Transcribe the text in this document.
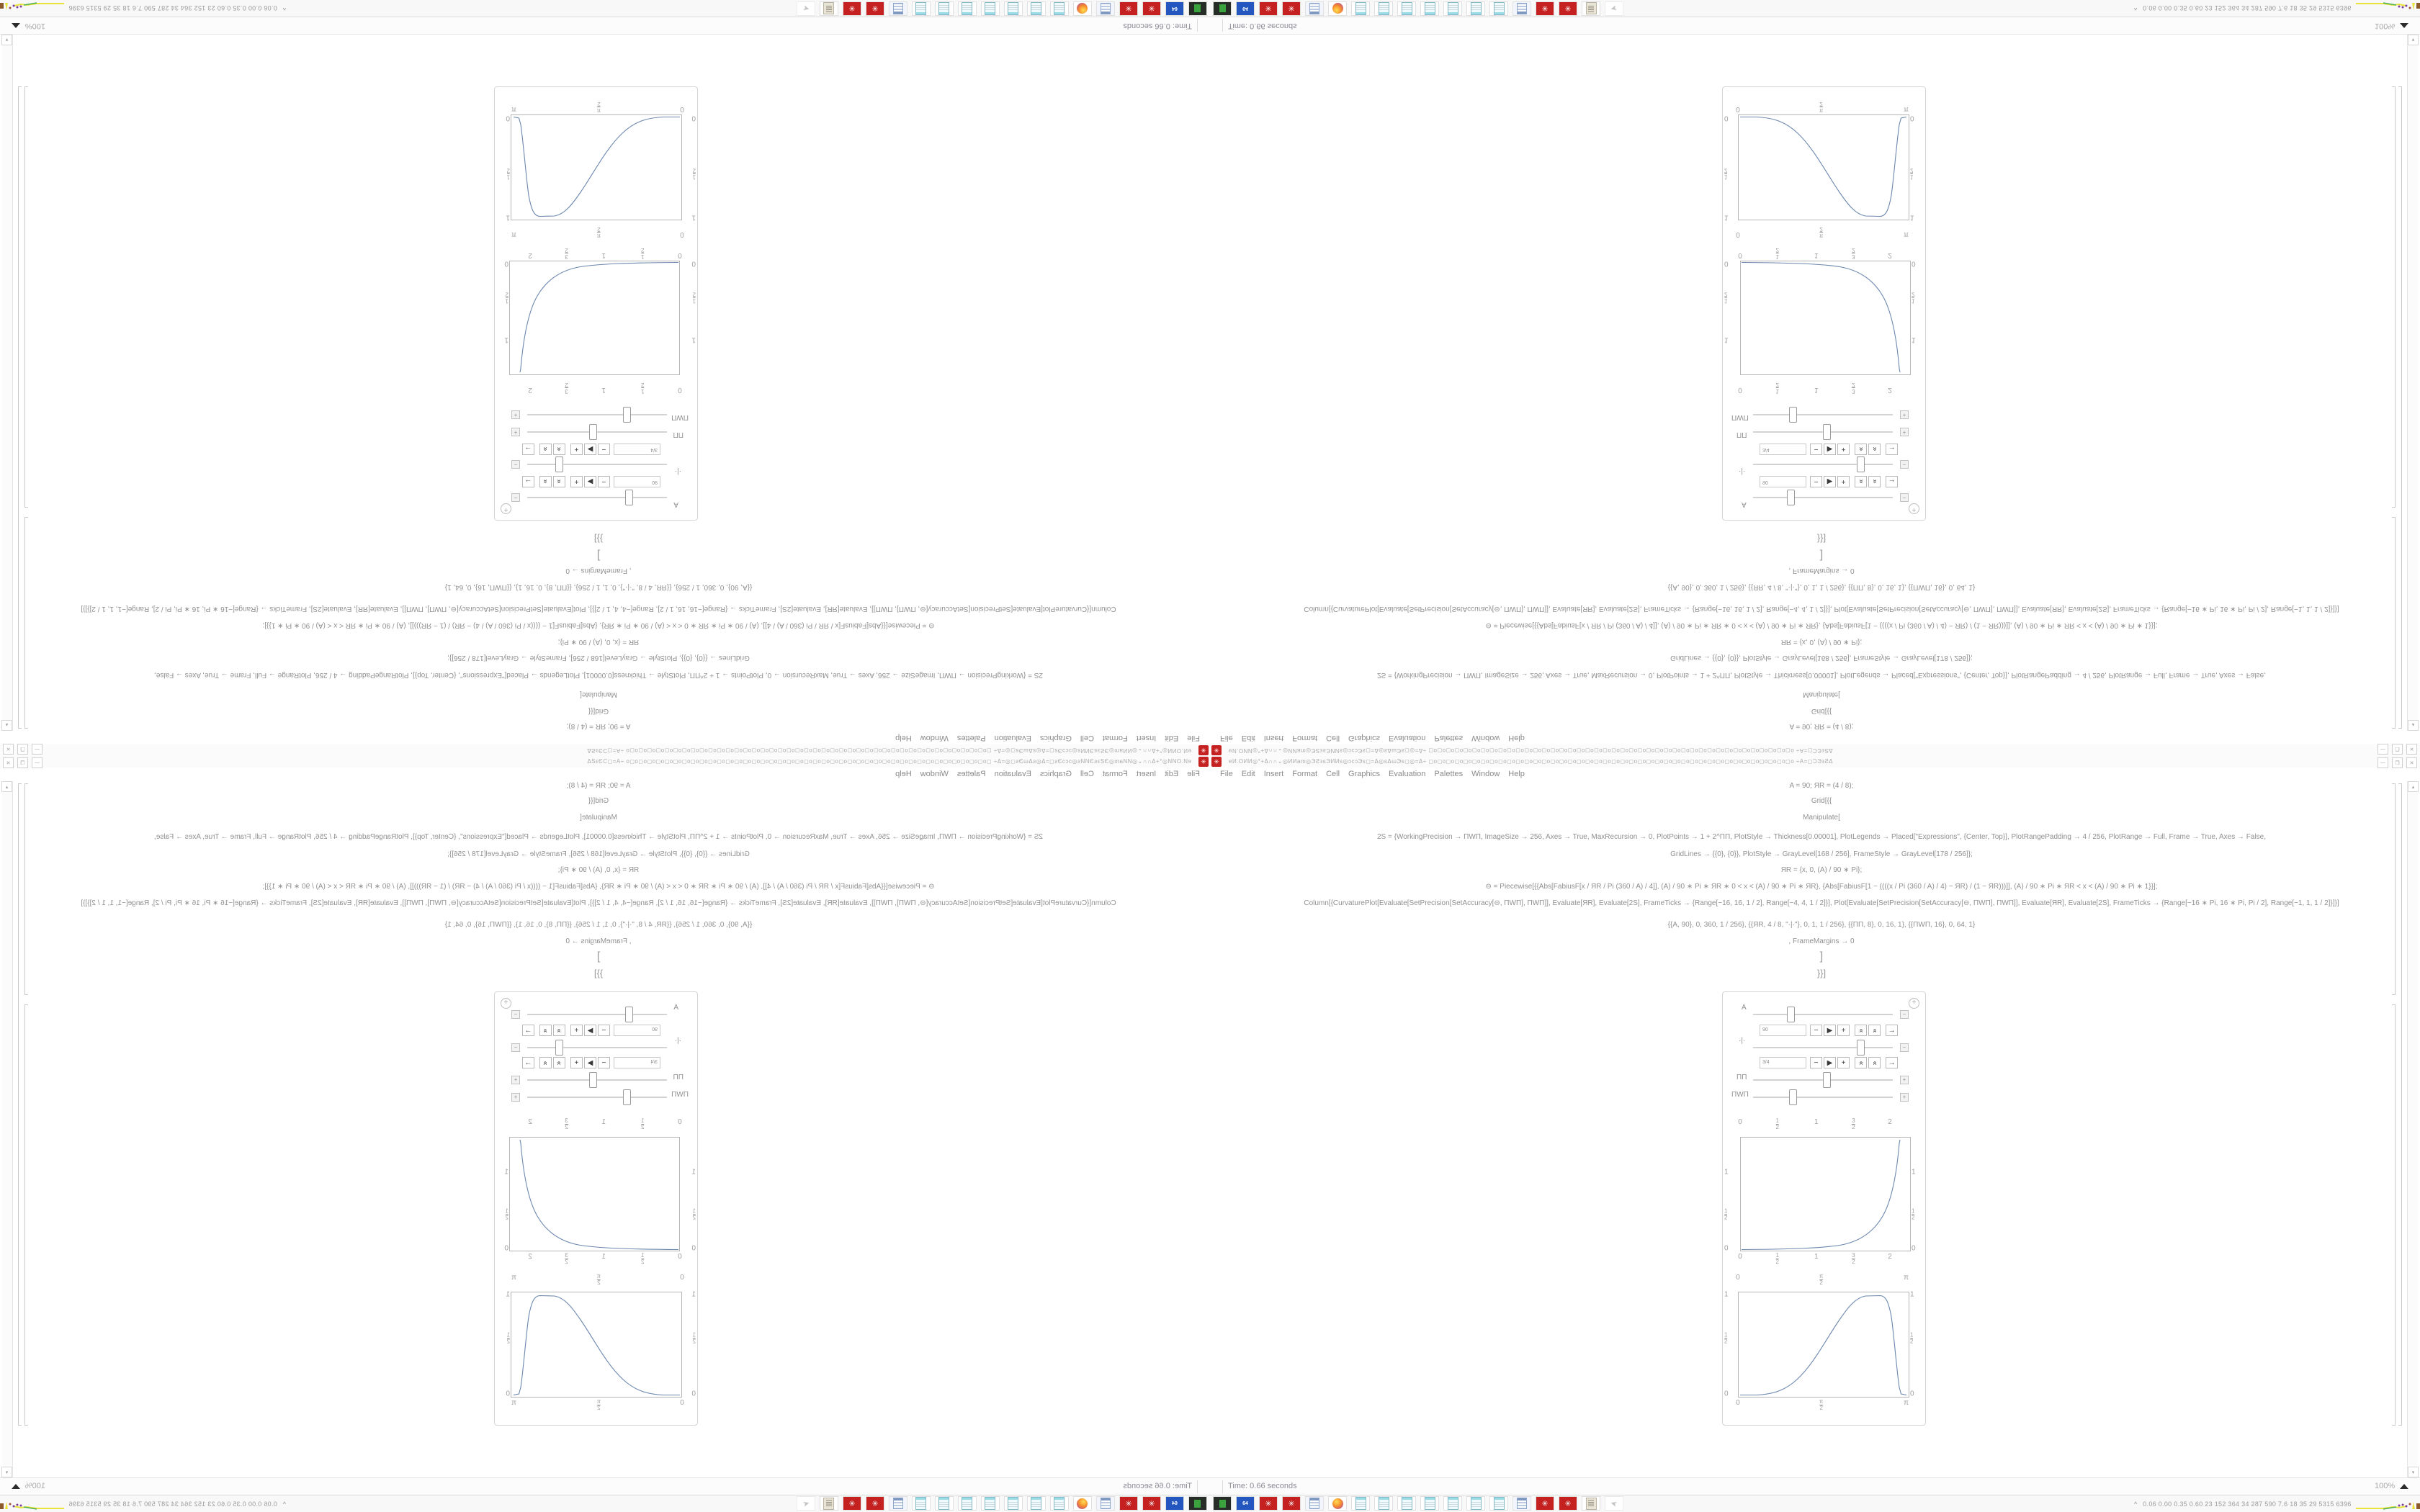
✳	ɐИ.ОИИ◎°+Δ∩∩⌄◎ИИam◎ЭƧ϶sЭИИs◎ↄcↄЭs◻=Δ◎sΔɯЭs◻◎=Δ÷ ◻o◻o◻o◻o◻o◻o◻o◻o◻o◻o◻o◻o◻o◻o◻o◻o◻o◻o◻o◻o◻o◻o◻o◻o◻o◻o◻o◻o◻o◻o◻o◻o◻o◻o◻o◻o◻o◻o◻o◻o◻o◻o ÷A=◻ϽЭ϶ƧΔ	—	❐	✕
File	Edit	Insert	Format	Cell	Graphics	Evaluation	Palettes	Window	Help
A = 90; ЯR = (4 / 8);
Grid[{{
Manipulate[
2S = {WorkingPrecision → ΠWΠ, ImageSize → 256, Axes → True, MaxRecursion → 0, PlotPoints → 1 + 2^ΠΠ, PlotStyle → Thickness[0.00001], PlotLegends → Placed["Expressions", {Center, Top}], PlotRangePadding → 4 / 256, PlotRange → Full, Frame → True, Axes → False,
GridLines → {{0}, {0}}, PlotStyle → GrayLevel[168 / 256], FrameStyle → GrayLevel[178 / 256]};
ЯR = {x, 0, (A) / 90 ∗ Pi};
⊖ = Piecewise[{{Abs[FabiusF[x / ЯR / Pi (360 / A) / 4]], (A) / 90 ∗ Pi ∗ ЯR ∗ 0 < x < (A) / 90 ∗ Pi ∗ ЯR}, {Abs[FabiusF[1 − ((((x / Pi (360 / A) / 4) − ЯR) / (1 − ЯR)))]], (A) / 90 ∗ Pi ∗ ЯR < x < (A) / 90 ∗ Pi ∗ 1}}];
Column[{CurvaturePlot[Evaluate[SetPrecision[SetAccuracy[⊖, ΠWΠ], ΠWΠ]], Evaluate[ЯR], Evaluate[2S], FrameTicks → {Range[−16, 16, 1 / 2], Range[−4, 4, 1 / 2]}], Plot[Evaluate[SetPrecision[SetAccuracy[⊖, ΠWΠ], ΠWΠ]], Evaluate[ЯR], Evaluate[2S], FrameTicks → {Range[−16 ∗ Pi, 16 ∗ Pi, Pi / 2], Range[−1, 1, 1 / 2]}]}]
{{A, 90}, 0, 360, 1 / 256}, {{ЯR, 4 / 8, "·|·"}, 0, 1, 1 / 256}, {{ΠΠ, 8}, 0, 16, 1}, {{ΠWΠ, 16}, 0, 64, 1}
, FrameMargins → 0
]
}}]
▴
▾
+
A
−
90	−	▶	+	« »	→
·|·
−
3/4	−	▶	+	« »	→
ΠΠ	+
ΠWΠ	+
0	$\frac{1}{2}$	1	$\frac{3}{2}$	2
1
$\frac{1}{2}$
0
1
$\frac{1}{2}$
0
0	$\frac{1}{2}$	1	$\frac{3}{2}$	2
0	$\frac{\pi}{2}$	π
1
$\frac{1}{2}$
0
1
$\frac{1}{2}$
0
0	$\frac{\pi}{2}$	π
Time: 0.66 seconds	100%
64 ✳ ✳ ✳ ✳ ≣ ➤	^ 0.06 0.00 0.35 0.60 23 152 364 34 287 590 7.6 18 35 29 5315 6396
✳
ɐИ.ОИИ◎°+Δ∩∩⌄◎ИИam◎ЭƧ϶sЭИИs◎ↄcↄЭs◻=Δ◎sΔɯЭs◻◎=Δ÷ ◻o◻o◻o◻o◻o◻o◻o◻o◻o◻o◻o◻o◻o◻o◻o◻o◻o◻o◻o◻o◻o◻o◻o◻o◻o◻o◻o◻o◻o◻o◻o◻o◻o◻o◻o◻o◻o◻o◻o◻o◻o◻o ÷A=◻ϽЭ϶ƧΔ
—
❐
✕
File
Edit
Insert
Format
Cell
Graphics
Evaluation
Palettes
Window
Help
A = 90; ЯR = (4 / 8);
Grid[{{
Manipulate[
2S = {WorkingPrecision → ΠWΠ, ImageSize → 256, Axes → True, MaxRecursion → 0, PlotPoints → 1 + 2^ΠΠ, PlotStyle → Thickness[0.00001], PlotLegends → Placed["Expressions", {Center, Top}], PlotRangePadding → 4 / 256, PlotRange → Full, Frame → True, Axes → False,
GridLines → {{0}, {0}}, PlotStyle → GrayLevel[168 / 256], FrameStyle → GrayLevel[178 / 256]};
ЯR = {x, 0, (A) / 90 ∗ Pi};
⊖ = Piecewise[{{Abs[FabiusF[x / ЯR / Pi (360 / A) / 4]], (A) / 90 ∗ Pi ∗ ЯR ∗ 0 < x < (A) / 90 ∗ Pi ∗ ЯR}, {Abs[FabiusF[1 − ((((x / Pi (360 / A) / 4) − ЯR) / (1 − ЯR)))]], (A) / 90 ∗ Pi ∗ ЯR < x < (A) / 90 ∗ Pi ∗ 1}}];
Column[{CurvaturePlot[Evaluate[SetPrecision[SetAccuracy[⊖, ΠWΠ], ΠWΠ]], Evaluate[ЯR], Evaluate[2S], FrameTicks → {Range[−16, 16, 1 / 2], Range[−4, 4, 1 / 2]}], Plot[Evaluate[SetPrecision[SetAccuracy[⊖, ΠWΠ], ΠWΠ]], Evaluate[ЯR], Evaluate[2S], FrameTicks → {Range[−16 ∗ Pi, 16 ∗ Pi, Pi / 2], Range[−1, 1, 1 / 2]}]}]
{{A, 90}, 0, 360, 1 / 256}, {{ЯR, 4 / 8, "·|·"}, 0, 1, 1 / 256}, {{ΠΠ, 8}, 0, 16, 1}, {{ΠWΠ, 16}, 0, 64, 1}
, FrameMargins → 0
]
}}]
▴
▾
+
A
−
90
−
▶
+
«
»
→
·|·
−
3/4
−
▶
+
«
»
→
ΠΠ
+
ΠWΠ
+
0
$\frac{1}{2}$
1
$\frac{3}{2}$
2
1
$\frac{1}{2}$
0
1
$\frac{1}{2}$
0
0
$\frac{1}{2}$
1
$\frac{3}{2}$
2
0
$\frac{\pi}{2}$
π
1
$\frac{1}{2}$
0
1
$\frac{1}{2}$
0
0
$\frac{\pi}{2}$
π
Time: 0.66 seconds
100%
64
✳
✳
✳
✳
≣
➤
^
0.06 0.00 0.35 0.60 23 152 364 34 287 590 7.6 18 35 29 5315 6396
✳	ɐИ.ОИИ◎°+Δ∩∩⌄◎ИИam◎ЭƧ϶sЭИИs◎ↄcↄЭs◻=Δ◎sΔɯЭs◻◎=Δ÷ ◻o◻o◻o◻o◻o◻o◻o◻o◻o◻o◻o◻o◻o◻o◻o◻o◻o◻o◻o◻o◻o◻o◻o◻o◻o◻o◻o◻o◻o◻o◻o◻o◻o◻o◻o◻o◻o◻o◻o◻o◻o◻o ÷A=◻ϽЭ϶ƧΔ	—	❐	✕
File	Edit	Insert	Format	Cell	Graphics	Evaluation	Palettes	Window	Help
A = 90; ЯR = (4 / 8);
Grid[{{
Manipulate[
2S = {WorkingPrecision → ΠWΠ, ImageSize → 256, Axes → True, MaxRecursion → 0, PlotPoints → 1 + 2^ΠΠ, PlotStyle → Thickness[0.00001], PlotLegends → Placed["Expressions", {Center, Top}], PlotRangePadding → 4 / 256, PlotRange → Full, Frame → True, Axes → False,
GridLines → {{0}, {0}}, PlotStyle → GrayLevel[168 / 256], FrameStyle → GrayLevel[178 / 256]};
ЯR = {x, 0, (A) / 90 ∗ Pi};
⊖ = Piecewise[{{Abs[FabiusF[x / ЯR / Pi (360 / A) / 4]], (A) / 90 ∗ Pi ∗ ЯR ∗ 0 < x < (A) / 90 ∗ Pi ∗ ЯR}, {Abs[FabiusF[1 − ((((x / Pi (360 / A) / 4) − ЯR) / (1 − ЯR)))]], (A) / 90 ∗ Pi ∗ ЯR < x < (A) / 90 ∗ Pi ∗ 1}}];
Column[{CurvaturePlot[Evaluate[SetPrecision[SetAccuracy[⊖, ΠWΠ], ΠWΠ]], Evaluate[ЯR], Evaluate[2S], FrameTicks → {Range[−16, 16, 1 / 2], Range[−4, 4, 1 / 2]}], Plot[Evaluate[SetPrecision[SetAccuracy[⊖, ΠWΠ], ΠWΠ]], Evaluate[ЯR], Evaluate[2S], FrameTicks → {Range[−16 ∗ Pi, 16 ∗ Pi, Pi / 2], Range[−1, 1, 1 / 2]}]}]
{{A, 90}, 0, 360, 1 / 256}, {{ЯR, 4 / 8, "·|·"}, 0, 1, 1 / 256}, {{ΠΠ, 8}, 0, 16, 1}, {{ΠWΠ, 16}, 0, 64, 1}
, FrameMargins → 0
]
}}]
▴
▾
+
A
−
90	−	▶	+	« »	→
·|·
−
3/4	−	▶	+	« »	→
ΠΠ	+
ΠWΠ	+
0	1
2
1	3
2
2
1
1
2
0
1
1
2
0
0	1
2
1	3
2
2
0	π
2
π
1
1
2
0
1
1
2
0
0	π
2
π
Time: 0.66 seconds	100%
64 ✳ ✳ ✳ ✳ ≣ ➤	^ 0.06 0.00 0.35 0.60 23 152 364 34 287 590 7.6 18 35 29 5315 6396
✳
ɐИ.ОИИ◎°+Δ∩∩⌄◎ИИam◎ЭƧ϶sЭИИs◎ↄcↄЭs◻=Δ◎sΔɯЭs◻◎=Δ÷ ◻o◻o◻o◻o◻o◻o◻o◻o◻o◻o◻o◻o◻o◻o◻o◻o◻o◻o◻o◻o◻o◻o◻o◻o◻o◻o◻o◻o◻o◻o◻o◻o◻o◻o◻o◻o◻o◻o◻o◻o◻o◻o ÷A=◻ϽЭ϶ƧΔ
—
❐
✕
File
Edit
Insert
Format
Cell
Graphics
Evaluation
Palettes
Window
Help
A = 90; ЯR = (4 / 8);
Grid[{{
Manipulate[
2S = {WorkingPrecision → ΠWΠ, ImageSize → 256, Axes → True, MaxRecursion → 0, PlotPoints → 1 + 2^ΠΠ, PlotStyle → Thickness[0.00001], PlotLegends → Placed["Expressions", {Center, Top}], PlotRangePadding → 4 / 256, PlotRange → Full, Frame → True, Axes → False,
GridLines → {{0}, {0}}, PlotStyle → GrayLevel[168 / 256], FrameStyle → GrayLevel[178 / 256]};
ЯR = {x, 0, (A) / 90 ∗ Pi};
⊖ = Piecewise[{{Abs[FabiusF[x / ЯR / Pi (360 / A) / 4]], (A) / 90 ∗ Pi ∗ ЯR ∗ 0 < x < (A) / 90 ∗ Pi ∗ ЯR}, {Abs[FabiusF[1 − ((((x / Pi (360 / A) / 4) − ЯR) / (1 − ЯR)))]], (A) / 90 ∗ Pi ∗ ЯR < x < (A) / 90 ∗ Pi ∗ 1}}];
Column[{CurvaturePlot[Evaluate[SetPrecision[SetAccuracy[⊖, ΠWΠ], ΠWΠ]], Evaluate[ЯR], Evaluate[2S], FrameTicks → {Range[−16, 16, 1 / 2], Range[−4, 4, 1 / 2]}], Plot[Evaluate[SetPrecision[SetAccuracy[⊖, ΠWΠ], ΠWΠ]], Evaluate[ЯR], Evaluate[2S], FrameTicks → {Range[−16 ∗ Pi, 16 ∗ Pi, Pi / 2], Range[−1, 1, 1 / 2]}]}]
{{A, 90}, 0, 360, 1 / 256}, {{ЯR, 4 / 8, "·|·"}, 0, 1, 1 / 256}, {{ΠΠ, 8}, 0, 16, 1}, {{ΠWΠ, 16}, 0, 64, 1}
, FrameMargins → 0
]
}}]
▴
▾
+
A
−
90
−
▶
+
«
»
→
·|·
−
3/4
−
▶
+
«
»
→
ΠΠ
+
ΠWΠ
+
0
1
2
1
3
2
2
1
1
2
0
1
1
2
0
0
1
2
1
3
2
2
0
π
2
π
1
1
2
0
1
1
2
0
0
π
2
π
Time: 0.66 seconds
100%
64
✳
✳
✳
✳
≣
➤
^
0.06 0.00 0.35 0.60 23 152 364 34 287 590 7.6 18 35 29 5315 6396
